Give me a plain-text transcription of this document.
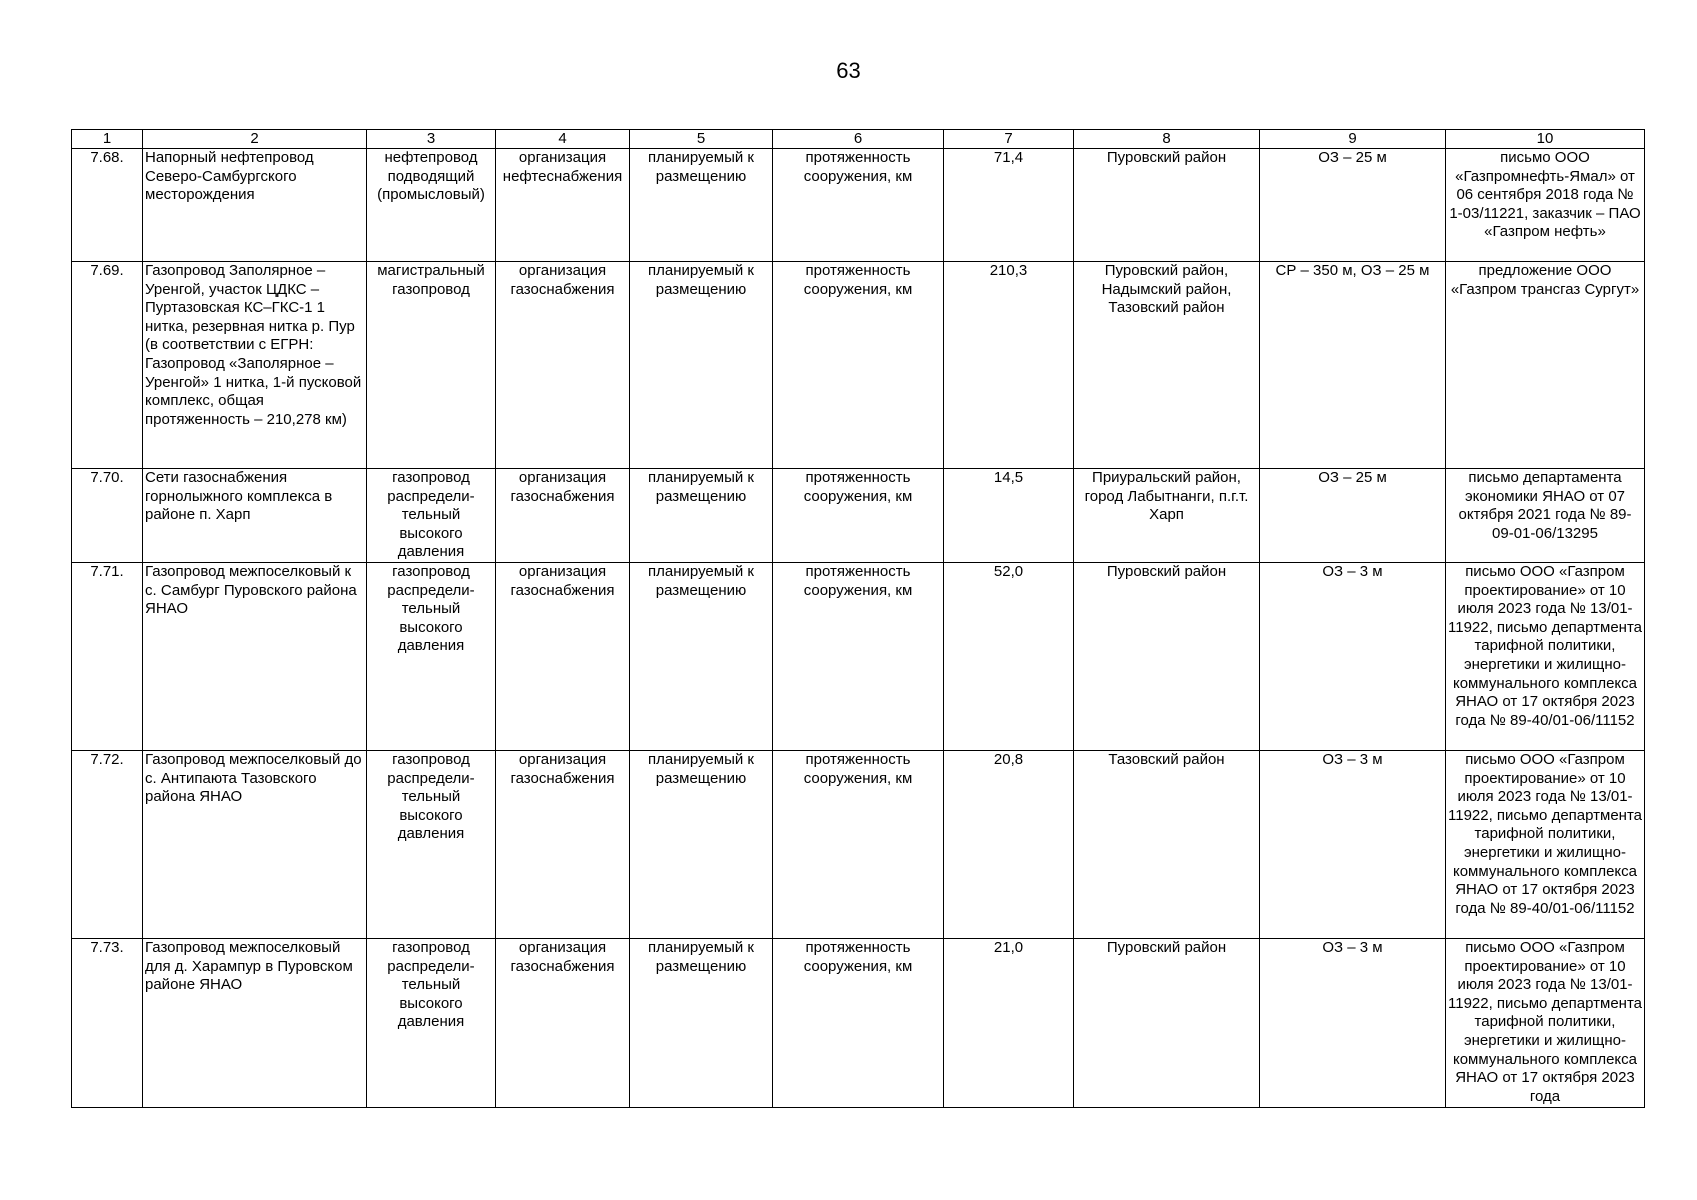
63
1	2	3	4	5	6	7	8	9	10
7.68.	Напорный нефтепровод Северо-Самбургского месторождения	нефтепровод подводящий (промысловый)	организация нефтеснабжения	планируемый к размещению	протяженность сооружения, км	71,4	Пуровский район	ОЗ – 25 м	письмо ООО «Газпромнефть-Ямал» от 06 сентября 2018 года № 1-03/11221, заказчик – ПАО «Газпром нефть»
7.69.	Газопровод Заполярное – Уренгой, участок ЦДКС – Пуртазовская КС–ГКС-1 1 нитка, резервная нитка р. Пур (в соответствии с ЕГРН: Газопровод «Заполярное – Уренгой» 1 нитка, 1-й пусковой комплекс, общая протяженность – 210,278 км)	магистральный газопровод	организация газоснабжения	планируемый к размещению	протяженность сооружения, км	210,3	Пуровский район, Надымский район, Тазовский район	СР – 350 м, ОЗ – 25 м	предложение ООО «Газпром трансгаз Сургут»
7.70.	Сети газоснабжения горнолыжного комплекса в районе п. Харп	газопровод распредели-тельный высокого давления	организация газоснабжения	планируемый к размещению	протяженность сооружения, км	14,5	Приуральский район, город Лабытнанги, п.г.т. Харп	ОЗ – 25 м	письмо департамента экономики ЯНАО от 07 октября 2021 года № 89-09-01-06/13295
7.71.	Газопровод межпоселковый к с. Самбург Пуровского района ЯНАО	газопровод распредели-тельный высокого давления	организация газоснабжения	планируемый к размещению	протяженность сооружения, км	52,0	Пуровский район	ОЗ – 3 м	письмо ООО «Газпром проектирование» от 10 июля 2023 года № 13/01-11922, письмо департмента тарифной политики, энергетики и жилищно-коммунального комплекса ЯНАО от 17 октября 2023 года № 89-40/01-06/11152
7.72.	Газопровод межпоселковый до с. Антипаюта Тазовского района ЯНАО	газопровод распредели-тельный высокого давления	организация газоснабжения	планируемый к размещению	протяженность сооружения, км	20,8	Тазовский район	ОЗ – 3 м	письмо ООО «Газпром проектирование» от 10 июля 2023 года № 13/01-11922, письмо департмента тарифной политики, энергетики и жилищно-коммунального комплекса ЯНАО от 17 октября 2023 года № 89-40/01-06/11152
7.73.	Газопровод межпоселковый для д. Харампур в Пуровском районе ЯНАО	газопровод распредели-тельный высокого давления	организация газоснабжения	планируемый к размещению	протяженность сооружения, км	21,0	Пуровский район	ОЗ – 3 м	письмо ООО «Газпром проектирование» от 10 июля 2023 года № 13/01-11922, письмо департмента тарифной политики, энергетики и жилищно-коммунального комплекса ЯНАО от 17 октября 2023 года
